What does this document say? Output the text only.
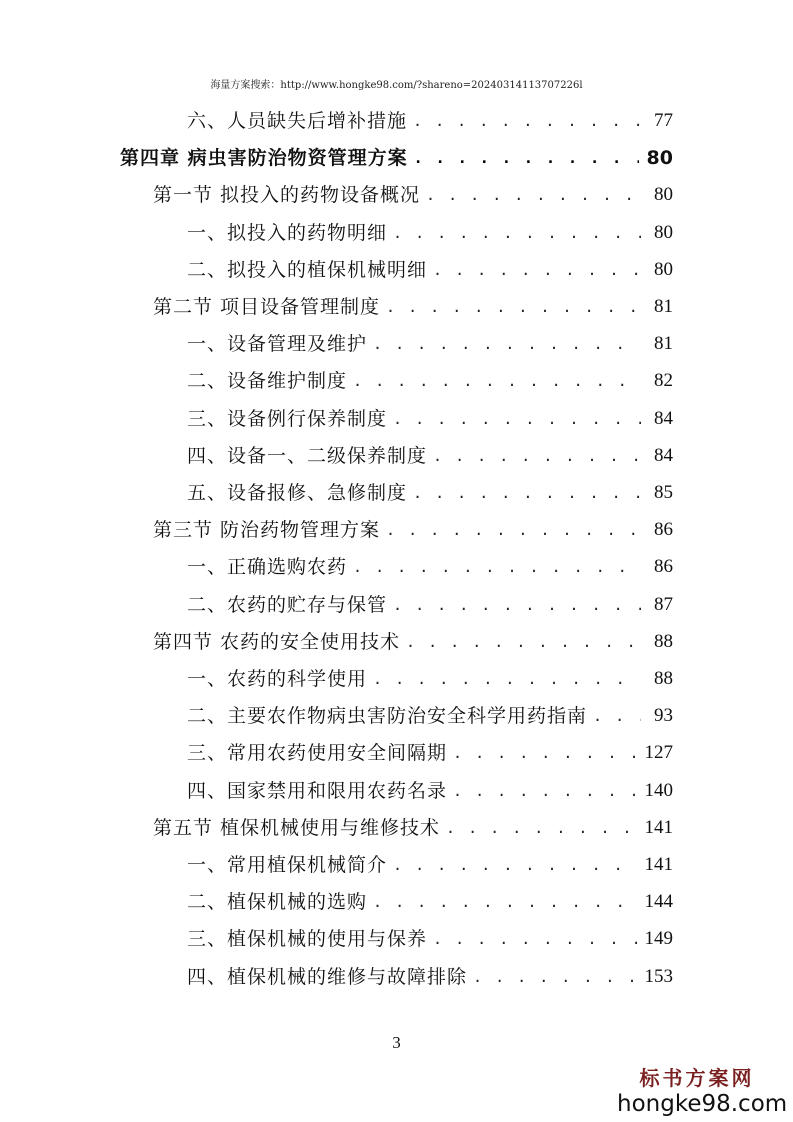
海量方案搜索：http://www.hongke98.com/?shareno=20240314113707226l
六、人员缺失后增补措施 . . .	77
第四章 病虫害防治物资管理方案 . . .	80
第一节 拟投入的药物设备概况 . . .	80
一、拟投入的药物明细 . . .	80
二、拟投入的植保机械明细 . . .	80
第二节 项目设备管理制度 . . .	81
一、设备管理及维护 . . .	81
二、设备维护制度 . . .	82
三、设备例行保养制度 . . .	84
四、设备一、二级保养制度 . . .	84
五、设备报修、急修制度 . . .	85
第三节 防治药物管理方案 . . .	86
一、正确选购农药 . . .	86
二、农药的贮存与保管 . . .	87
第四节 农药的安全使用技术 . . .	88
一、农药的科学使用 . . .	88
二、主要农作物病虫害防治安全科学用药指南 . . .	93
三、常用农药使用安全间隔期 . . .	127
四、国家禁用和限用农药名录 . . .	140
第五节 植保机械使用与维修技术 . . .	141
一、常用植保机械简介 . . .	141
二、植保机械的选购 . . .	144
三、植保机械的使用与保养 . . .	149
四、植保机械的维修与故障排除 . . .	153
3
标书方案网
hongke98.com
